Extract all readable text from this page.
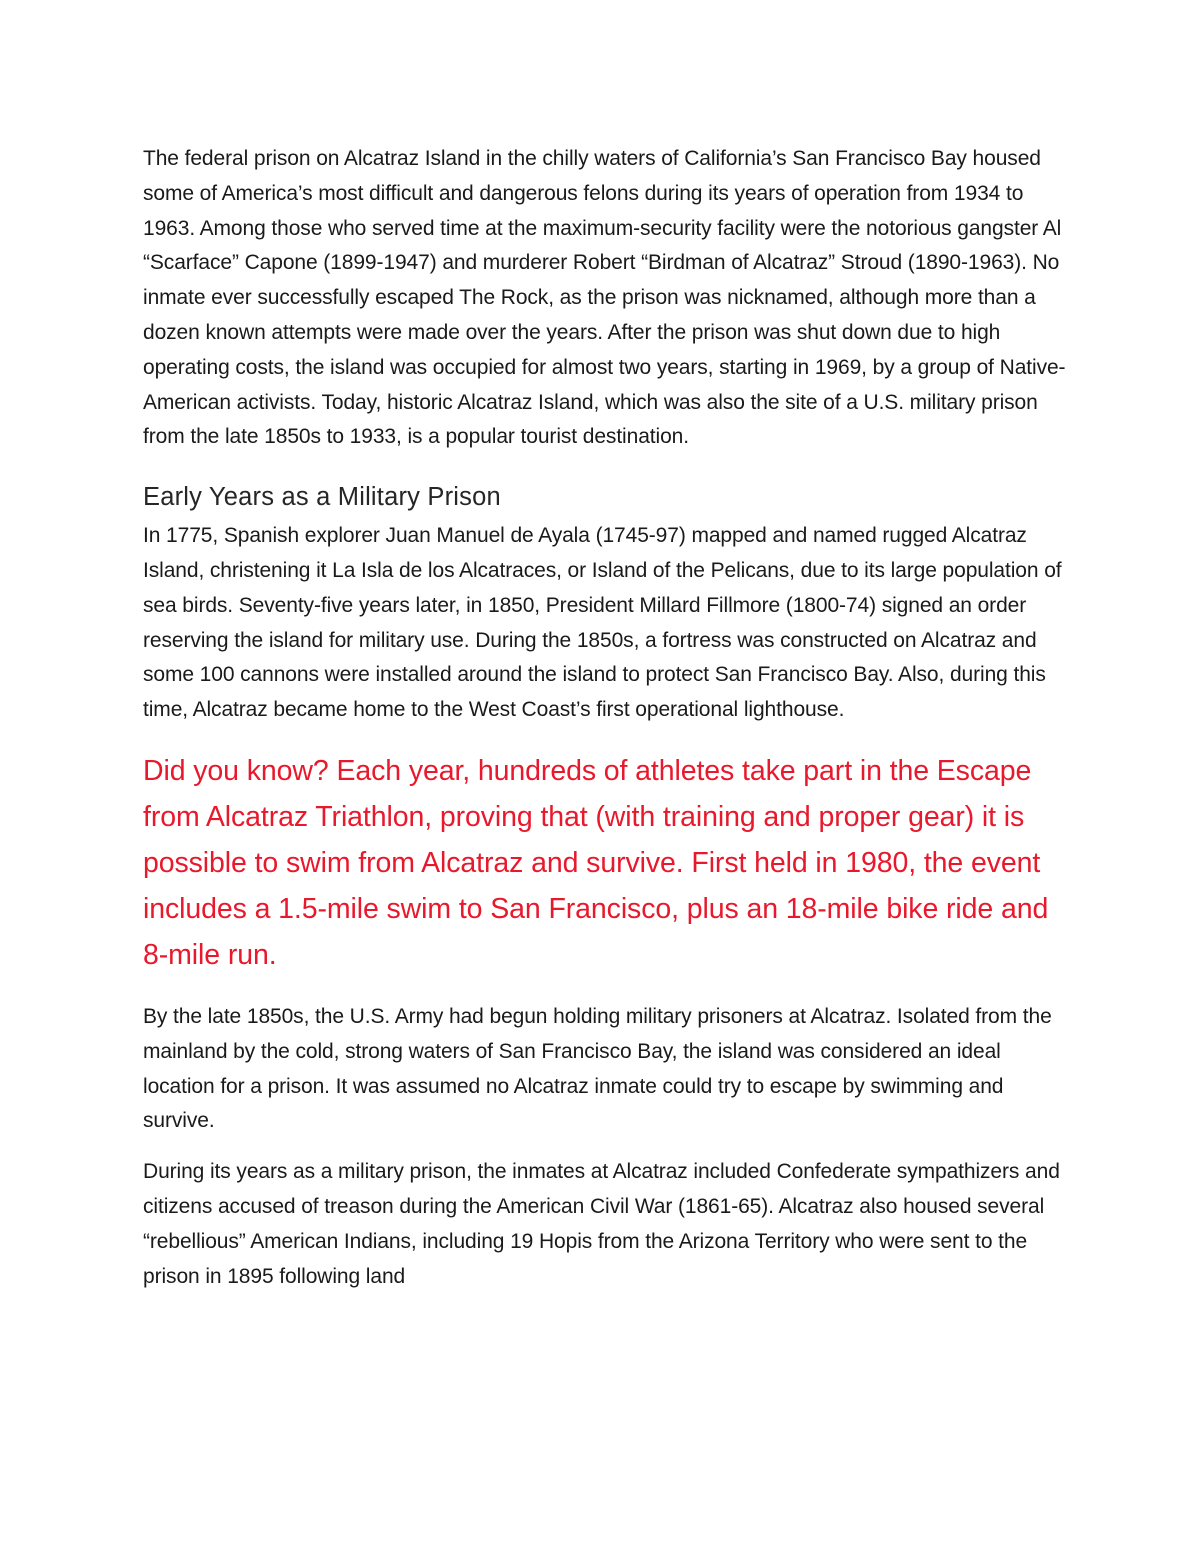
The federal prison on Alcatraz Island in the chilly waters of California’s San Francisco Bay housed some of America’s most difficult and dangerous felons during its years of operation from 1934 to 1963. Among those who served time at the maximum-security facility were the notorious gangster Al “Scarface” Capone (1899-1947) and murderer Robert “Birdman of Alcatraz” Stroud (1890-1963). No inmate ever successfully escaped The Rock, as the prison was nicknamed, although more than a dozen known attempts were made over the years. After the prison was shut down due to high operating costs, the island was occupied for almost two years, starting in 1969, by a group of Native-American activists. Today, historic Alcatraz Island, which was also the site of a U.S. military prison from the late 1850s to 1933, is a popular tourist destination.

Early Years as a Military Prison

In 1775, Spanish explorer Juan Manuel de Ayala (1745-97) mapped and named rugged Alcatraz Island, christening it La Isla de los Alcatraces, or Island of the Pelicans, due to its large population of sea birds. Seventy-five years later, in 1850, President Millard Fillmore (1800-74) signed an order reserving the island for military use. During the 1850s, a fortress was constructed on Alcatraz and some 100 cannons were installed around the island to protect San Francisco Bay. Also, during this time, Alcatraz became home to the West Coast’s first operational lighthouse.

Did you know? Each year, hundreds of athletes take part in the Escape from Alcatraz Triathlon, proving that (with training and proper gear) it is possible to swim from Alcatraz and survive. First held in 1980, the event includes a 1.5-mile swim to San Francisco, plus an 18-mile bike ride and 8-mile run.

By the late 1850s, the U.S. Army had begun holding military prisoners at Alcatraz. Isolated from the mainland by the cold, strong waters of San Francisco Bay, the island was considered an ideal location for a prison. It was assumed no Alcatraz inmate could try to escape by swimming and survive.

During its years as a military prison, the inmates at Alcatraz included Confederate sympathizers and citizens accused of treason during the American Civil War (1861-65). Alcatraz also housed several “rebellious” American Indians, including 19 Hopis from the Arizona Territory who were sent to the prison in 1895 following land
